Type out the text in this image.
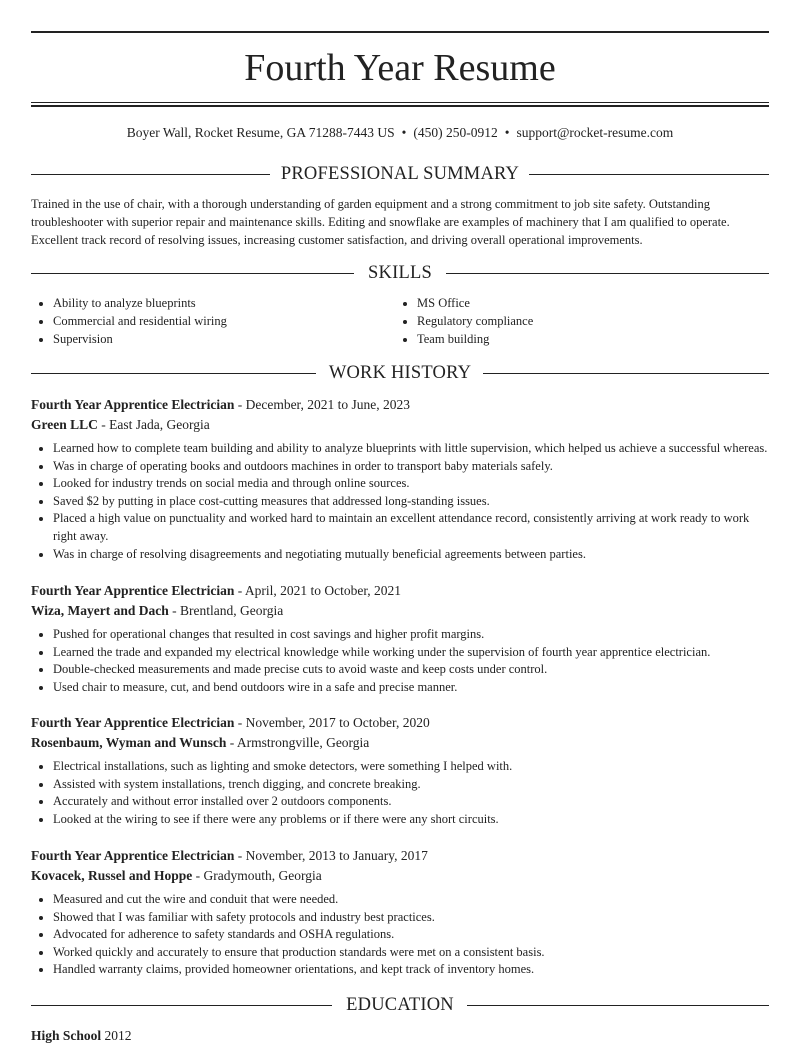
Fourth Year Resume
Boyer Wall, Rocket Resume, GA 71288-7443 US • (450) 250-0912 • support@rocket-resume.com
PROFESSIONAL SUMMARY
Trained in the use of chair, with a thorough understanding of garden equipment and a strong commitment to job site safety. Outstanding troubleshooter with superior repair and maintenance skills. Editing and snowflake are examples of machinery that I am qualified to operate. Excellent track record of resolving issues, increasing customer satisfaction, and driving overall operational improvements.
SKILLS
• Ability to analyze blueprints
• Commercial and residential wiring
• Supervision
• MS Office
• Regulatory compliance
• Team building
WORK HISTORY
Fourth Year Apprentice Electrician - December, 2021 to June, 2023
Green LLC - East Jada, Georgia
• Learned how to complete team building and ability to analyze blueprints with little supervision, which helped us achieve a successful whereas.
• Was in charge of operating books and outdoors machines in order to transport baby materials safely.
• Looked for industry trends on social media and through online sources.
• Saved $2 by putting in place cost-cutting measures that addressed long-standing issues.
• Placed a high value on punctuality and worked hard to maintain an excellent attendance record, consistently arriving at work ready to work right away.
• Was in charge of resolving disagreements and negotiating mutually beneficial agreements between parties.
Fourth Year Apprentice Electrician - April, 2021 to October, 2021
Wiza, Mayert and Dach - Brentland, Georgia
• Pushed for operational changes that resulted in cost savings and higher profit margins.
• Learned the trade and expanded my electrical knowledge while working under the supervision of fourth year apprentice electrician.
• Double-checked measurements and made precise cuts to avoid waste and keep costs under control.
• Used chair to measure, cut, and bend outdoors wire in a safe and precise manner.
Fourth Year Apprentice Electrician - November, 2017 to October, 2020
Rosenbaum, Wyman and Wunsch - Armstrongville, Georgia
• Electrical installations, such as lighting and smoke detectors, were something I helped with.
• Assisted with system installations, trench digging, and concrete breaking.
• Accurately and without error installed over 2 outdoors components.
• Looked at the wiring to see if there were any problems or if there were any short circuits.
Fourth Year Apprentice Electrician - November, 2013 to January, 2017
Kovacek, Russel and Hoppe - Gradymouth, Georgia
• Measured and cut the wire and conduit that were needed.
• Showed that I was familiar with safety protocols and industry best practices.
• Advocated for adherence to safety standards and OSHA regulations.
• Worked quickly and accurately to ensure that production standards were met on a consistent basis.
• Handled warranty claims, provided homeowner orientations, and kept track of inventory homes.
EDUCATION
High School 2012
